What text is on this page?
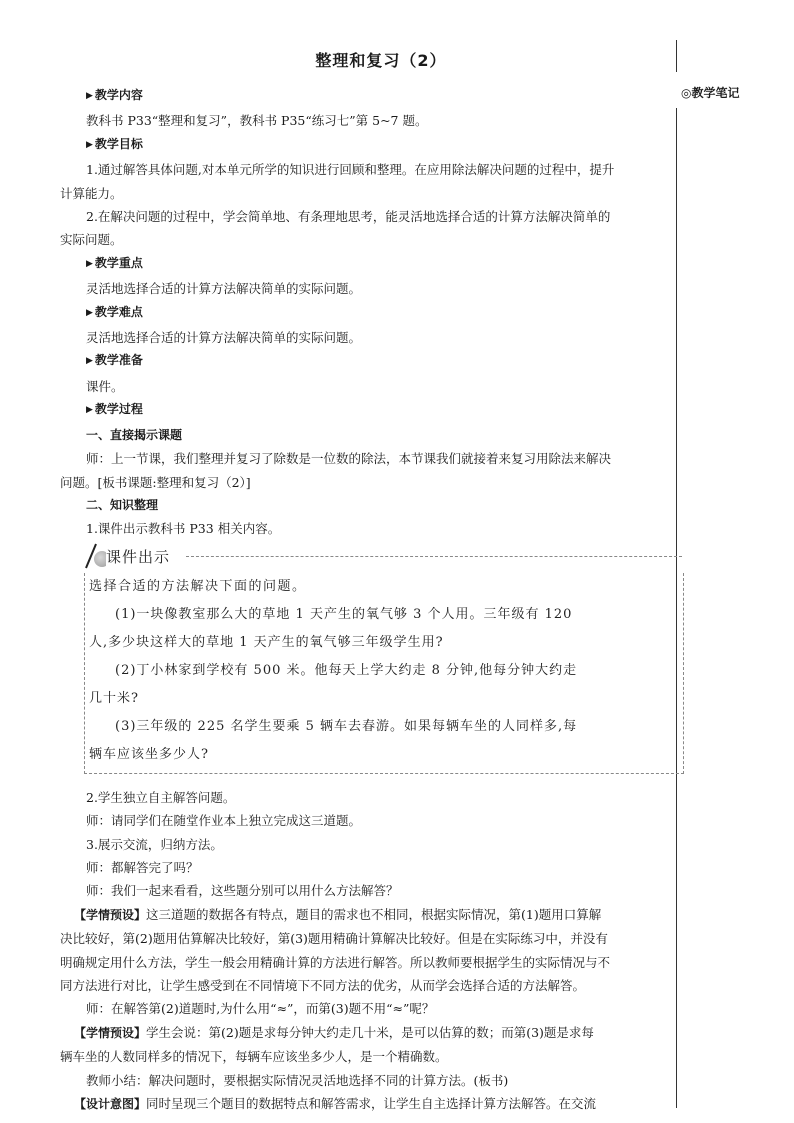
整理和复习（2）
◎教学笔记

▶ 教学内容

教科书 P33“整理和复习”，教科书 P35“练习七”第 5~7 题。

▶ 教学目标

1.通过解答具体问题,对本单元所学的知识进行回顾和整理。在应用除法解决问题的过程中，提升

计算能力。

2.在解决问题的过程中，学会简单地、有条理地思考，能灵活地选择合适的计算方法解决简单的

实际问题。

▶ 教学重点

灵活地选择合适的计算方法解决简单的实际问题。

▶ 教学难点

灵活地选择合适的计算方法解决简单的实际问题。

▶ 教学准备

课件。

▶ 教学过程

一、直接揭示课题

师：上一节课，我们整理并复习了除数是一位数的除法，本节课我们就接着来复习用除法来解决

问题。[板书课题:整理和复习（2）]

二、知识整理

1.课件出示教科书 P33 相关内容。

课件出示

选择合适的方法解决下面的问题。

(1)一块像教室那么大的草地 1 天产生的氧气够 3 个人用。三年级有 120

人,多少块这样大的草地 1 天产生的氧气够三年级学生用?

(2)丁小林家到学校有 500 米。他每天上学大约走 8 分钟,他每分钟大约走

几十米?

(3)三年级的 225 名学生要乘 5 辆车去春游。如果每辆车坐的人同样多,每

辆车应该坐多少人?

2.学生独立自主解答问题。

师：请同学们在随堂作业本上独立完成这三道题。

3.展示交流，归纳方法。

师：都解答完了吗？

师：我们一起来看看，这些题分别可以用什么方法解答？

【学情预设】这三道题的数据各有特点，题目的需求也不相同，根据实际情况，第(1)题用口算解

决比较好，第(2)题用估算解决比较好，第(3)题用精确计算解决比较好。但是在实际练习中，并没有

明确规定用什么方法，学生一般会用精确计算的方法进行解答。所以教师要根据学生的实际情况与不

同方法进行对比，让学生感受到在不同情境下不同方法的优劣，从而学会选择合适的方法解答。

师：在解答第(2)道题时,为什么用“≈”，而第(3)题不用“≈”呢？

【学情预设】学生会说：第(2)题是求每分钟大约走几十米，是可以估算的数；而第(3)题是求每

辆车坐的人数同样多的情况下，每辆车应该坐多少人，是一个精确数。

教师小结：解决问题时，要根据实际情况灵活地选择不同的计算方法。(板书)

【设计意图】同时呈现三个题目的数据特点和解答需求，让学生自主选择计算方法解答。在交流
